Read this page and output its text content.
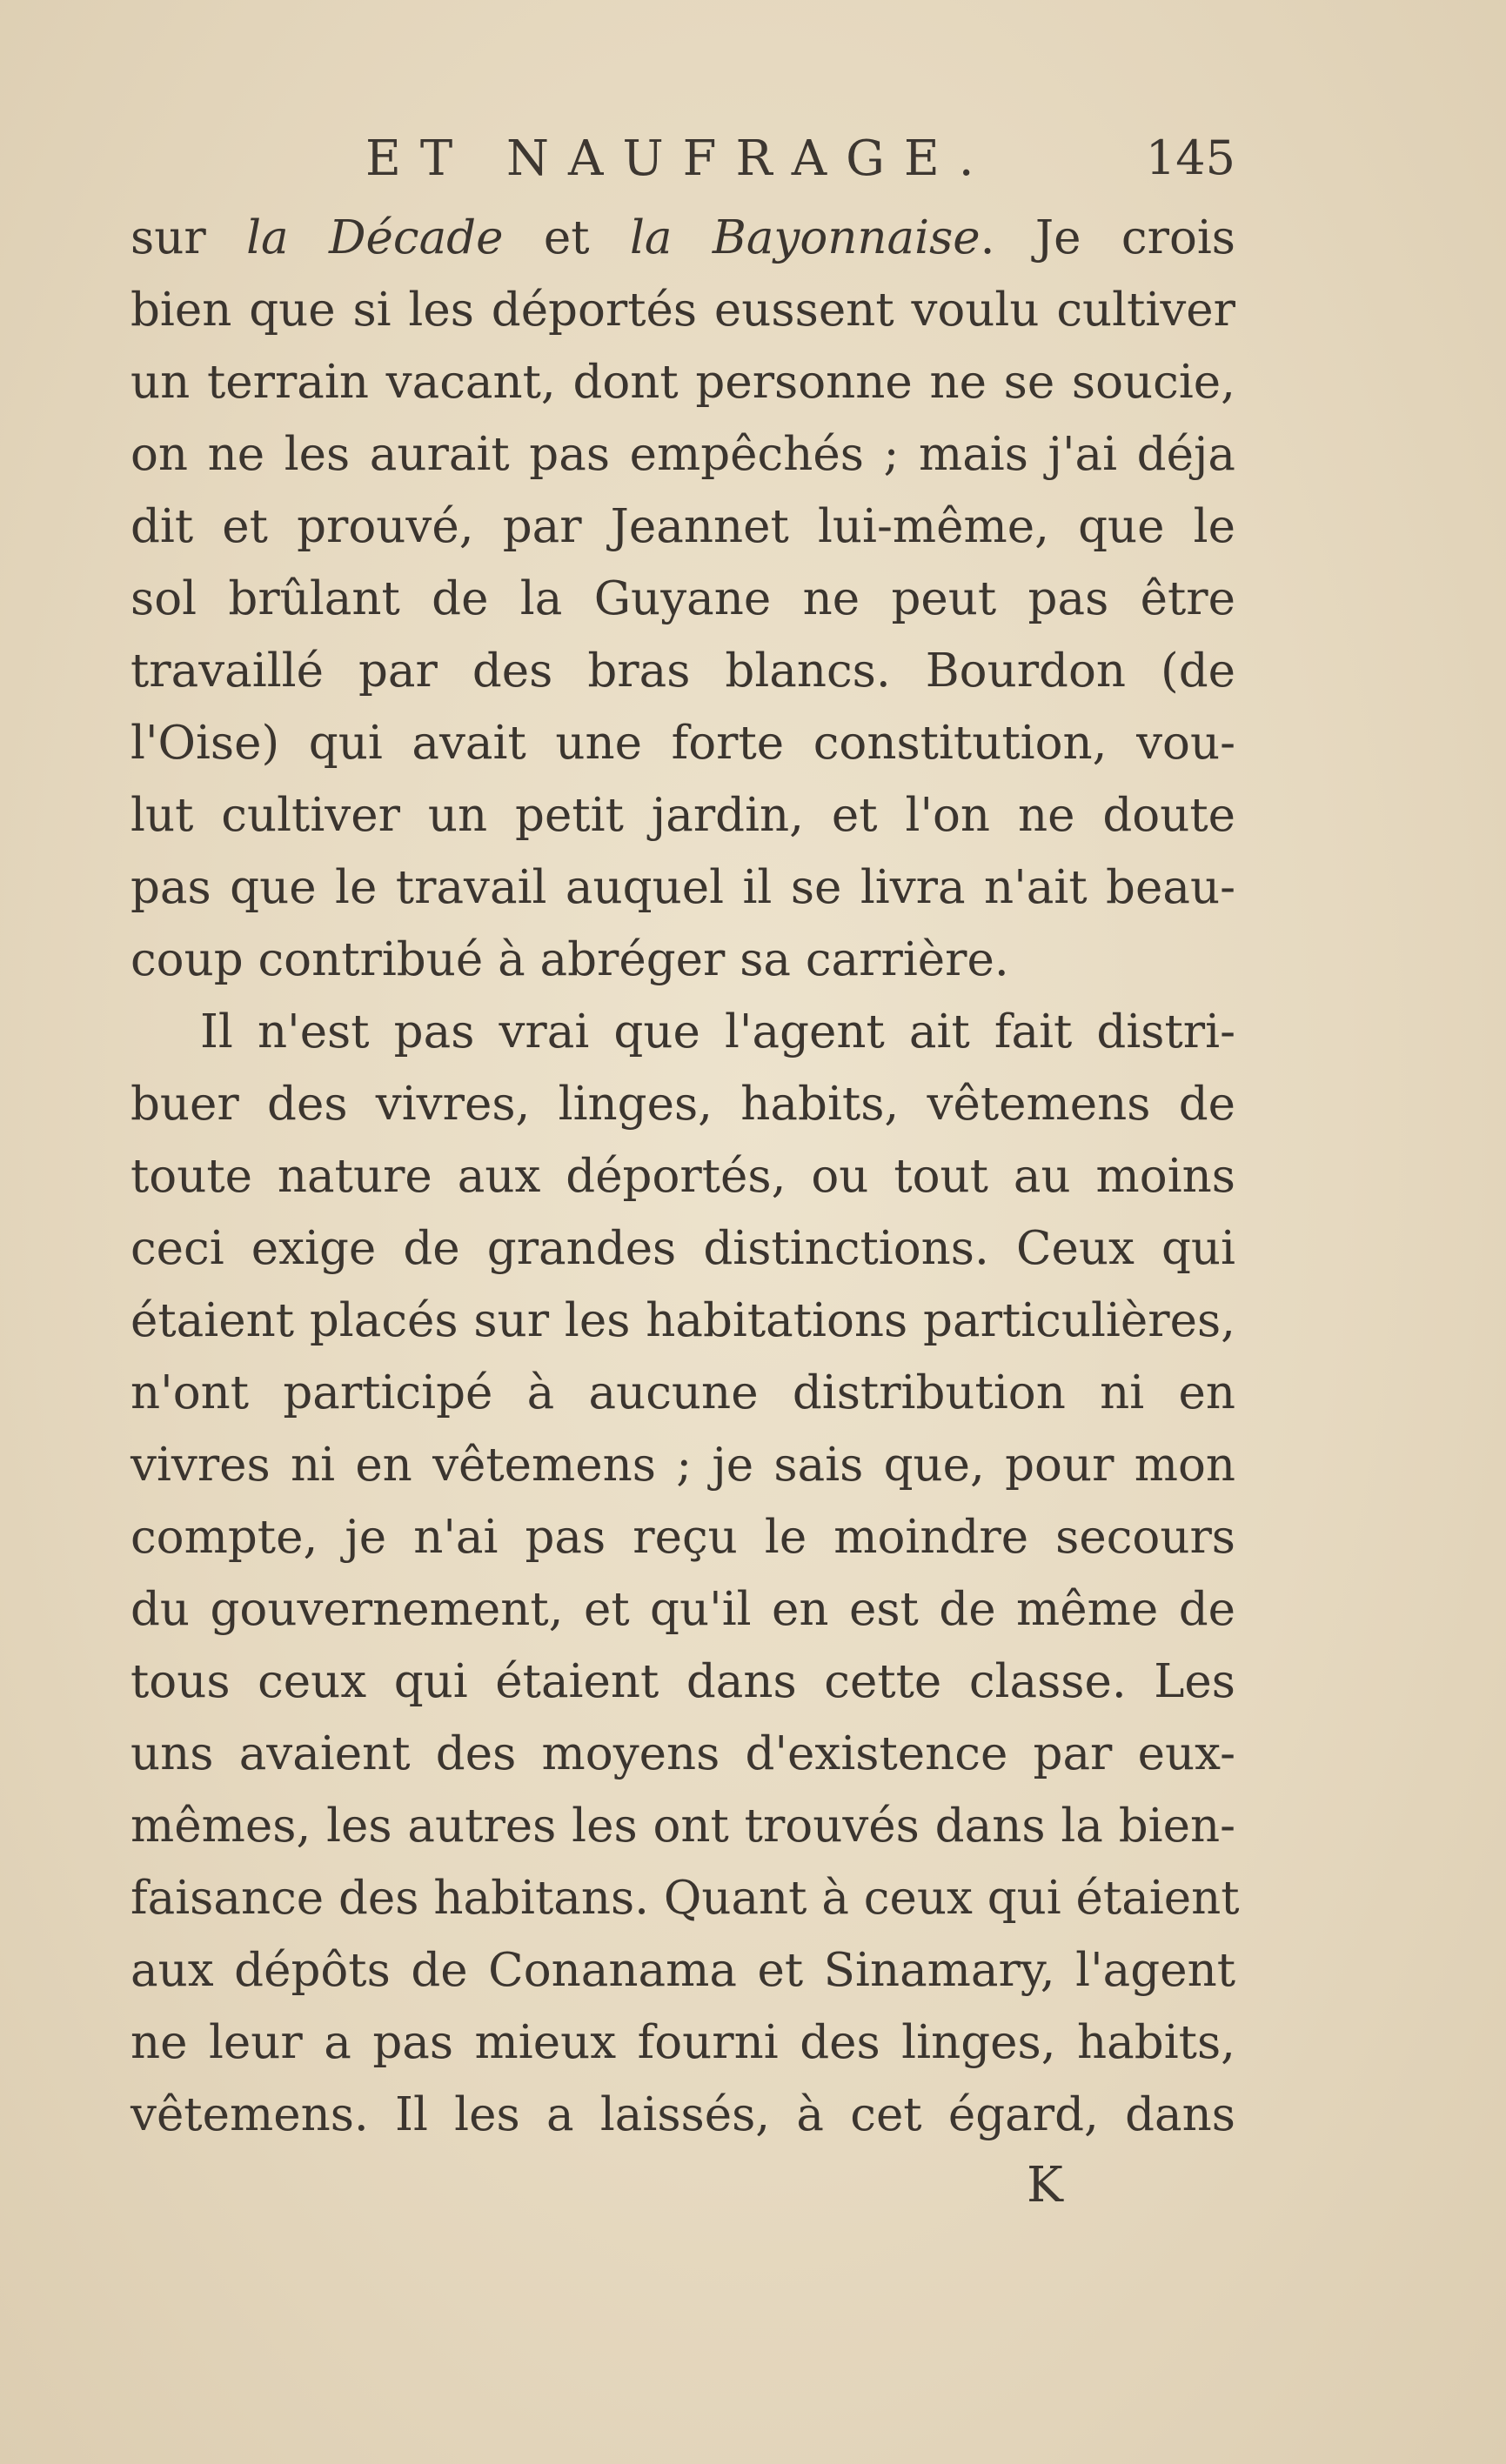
ET NAUFRAGE.	145
sur la Décade et la Bayonnaise. Je crois
bien que si les déportés eussent voulu cultiver
un terrain vacant, dont personne ne se soucie,
on ne les aurait pas empêchés ; mais j'ai déja
dit et prouvé, par Jeannet lui-même, que le
sol brûlant de la Guyane ne peut pas être
travaillé par des bras blancs. Bourdon (de
l'Oise) qui avait une forte constitution, vou-
lut cultiver un petit jardin, et l'on ne doute
pas que le travail auquel il se livra n'ait beau-
coup contribué à abréger sa carrière.
Il n'est pas vrai que l'agent ait fait distri-
buer des vivres, linges, habits, vêtemens de
toute nature aux déportés, ou tout au moins
ceci exige de grandes distinctions. Ceux qui
étaient placés sur les habitations particulières,
n'ont participé à aucune distribution ni en
vivres ni en vêtemens ; je sais que, pour mon
compte, je n'ai pas reçu le moindre secours
du gouvernement, et qu'il en est de même de
tous ceux qui étaient dans cette classe. Les
uns avaient des moyens d'existence par eux-
mêmes, les autres les ont trouvés dans la bien-
faisance des habitans. Quant à ceux qui étaient
aux dépôts de Conanama et Sinamary, l'agent
ne leur a pas mieux fourni des linges, habits,
vêtemens. Il les a laissés, à cet égard, dans
K
